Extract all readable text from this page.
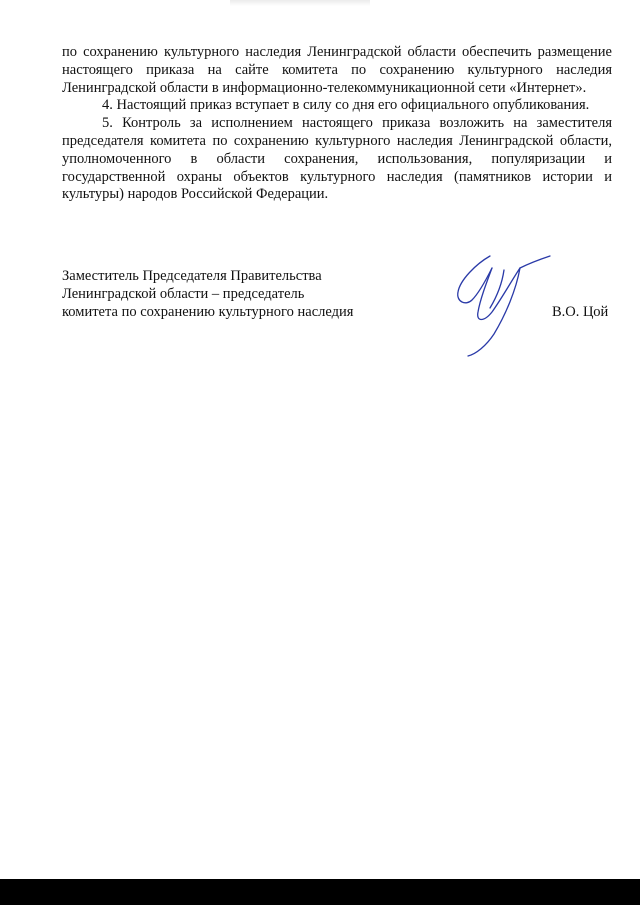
по сохранению культурного наследия Ленинградской области обеспечить размещение настоящего приказа на сайте комитета по сохранению культурного наследия Ленинградской области в информационно-телекоммуникационной сети «Интернет».

4. Настоящий приказ вступает в силу со дня его официального опубликования.

5. Контроль за исполнением настоящего приказа возложить на заместителя председателя комитета по сохранению культурного наследия Ленинградской области, уполномоченного в области сохранения, использования, популяризации и государственной охраны объектов культурного наследия (памятников истории и культуры) народов Российской Федерации.

Заместитель Председателя Правительства
Ленинградской области – председатель
комитета по сохранению культурного наследия	В.О. Цой
